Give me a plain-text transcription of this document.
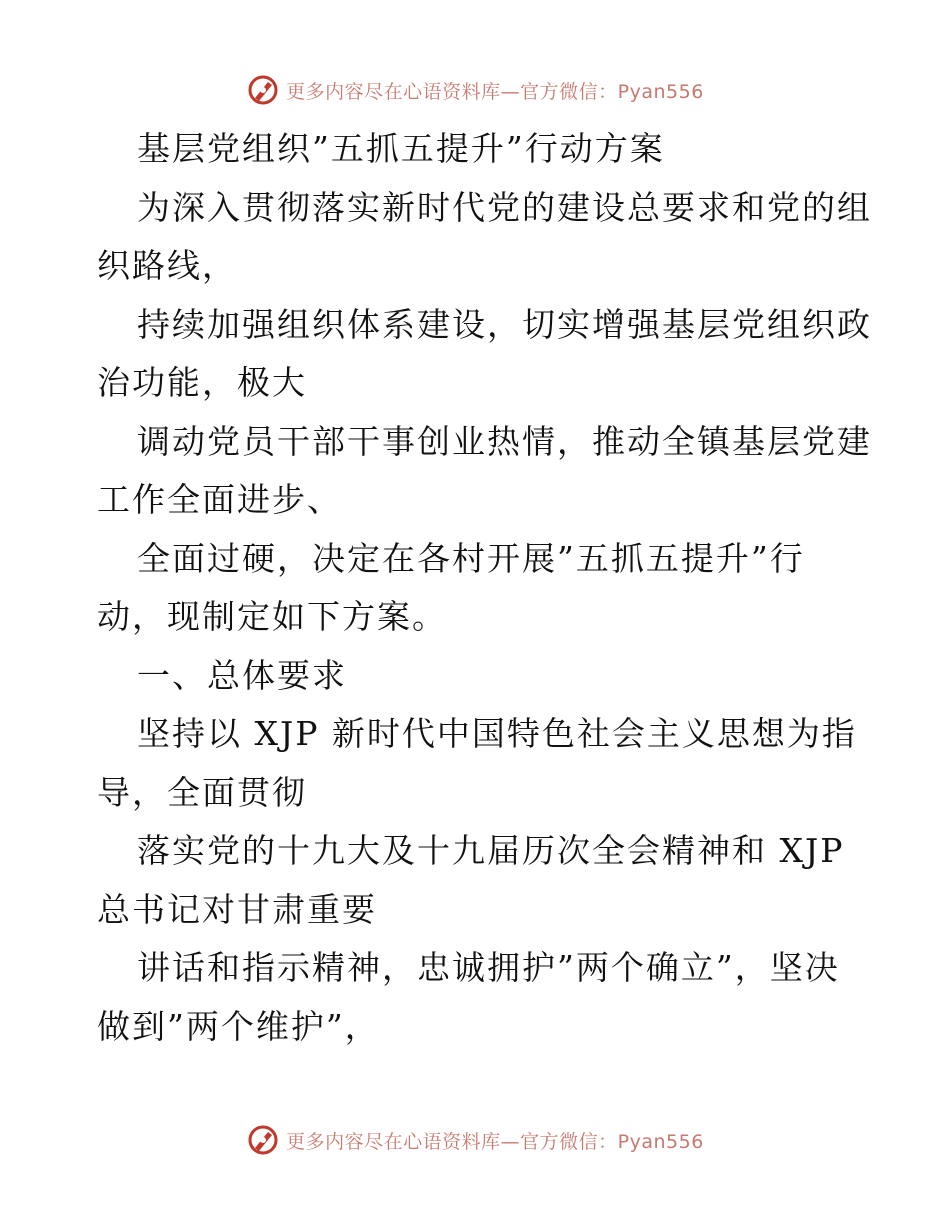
更多内容尽在心语资料库—官方微信：Pyan556
基层党组织”五抓五提升”行动方案
为深入贯彻落实新时代党的建设总要求和党的组
织路线，
持续加强组织体系建设，切实增强基层党组织政
治功能，极大
调动党员干部干事创业热情，推动全镇基层党建
工作全面进步、
全面过硬，决定在各村开展”五抓五提升”行
动，现制定如下方案。
一、总体要求
坚持以 XJP 新时代中国特色社会主义思想为指
导，全面贯彻
落实党的十九大及十九届历次全会精神和 XJP
总书记对甘肃重要
讲话和指示精神，忠诚拥护”两个确立”，坚决
做到”两个维护”，
更多内容尽在心语资料库—官方微信：Pyan556
